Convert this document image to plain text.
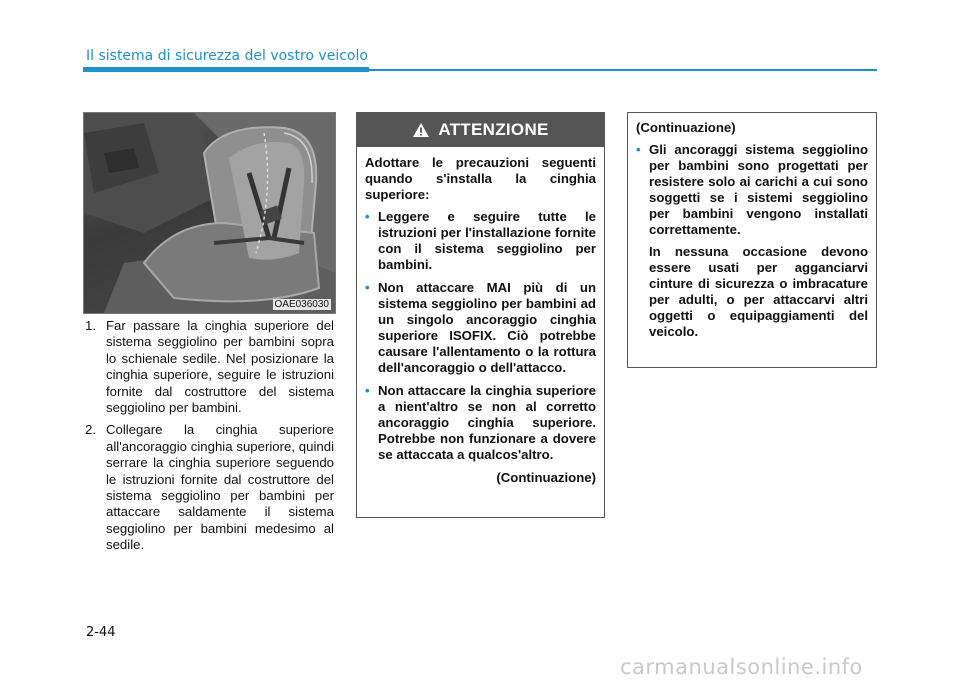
Il sistema di sicurezza del vostro veicolo
OAE036030
1. Far passare la cinghia superiore del sistema seggiolino per bambini sopra lo schienale sedile. Nel posizionare la cinghia superiore, seguire le istruzioni fornite dal costruttore del sistema seggiolino per bambini.
2. Collegare la cinghia superiore all'ancoraggio cinghia superiore, quindi serrare la cinghia superiore seguendo le istruzioni fornite dal costruttore del sistema seggiolino per bambini per attaccare saldamente il sistema seggiolino per bambini medesimo al sedile.
ATTENZIONE

Adottare le precauzioni seguenti quando s'installa la cinghia superiore:

• Leggere e seguire tutte le istruzioni per l'installazione fornite con il sistema seggiolino per bambini.
• Non attaccare MAI più di un sistema seggiolino per bambini ad un singolo ancoraggio cinghia superiore ISOFIX. Ciò potrebbe causare l'allentamento o la rottura dell'ancoraggio o dell'attacco.
• Non attaccare la cinghia superiore a nient'altro se non al corretto ancoraggio cinghia superiore. Potrebbe non funzionare a dovere se attaccata a qualcos'altro.
(Continuazione)

(Continuazione)

• Gli ancoraggi sistema seggiolino per bambini sono progettati per resistere solo ai carichi a cui sono soggetti se i sistemi seggiolino per bambini vengono installati correttamente.

In nessuna occasione devono essere usati per agganciarvi cinture di sicurezza o imbracature per adulti, o per attaccarvi altri oggetti o equipaggiamenti del veicolo.

2-44
carmanualsonline.info
